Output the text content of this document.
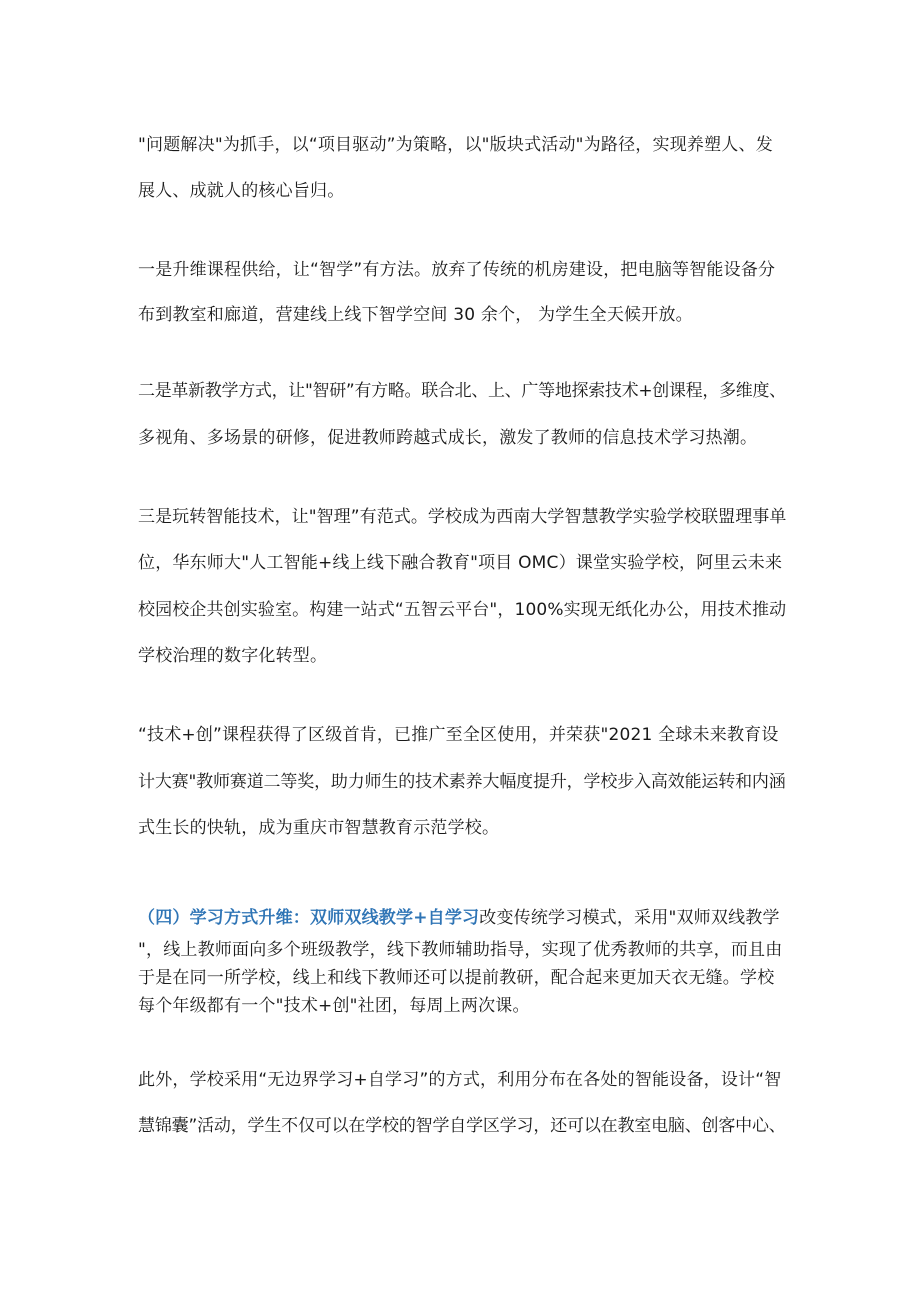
"问题解决"为抓手，以“项目驱动”为策略，以"版块式活动"为路径，实现养塑人、发
展人、成就人的核心旨归。
一是升维课程供给，让“智学”有方法。放弃了传统的机房建设，把电脑等智能设备分
布到教室和廊道，营建线上线下智学空间 30 余个， 为学生全天候开放。
二是革新教学方式，让"智研”有方略。联合北、上、广等地探索技术+创课程，多维度、
多视角、多场景的研修，促进教师跨越式成长，激发了教师的信息技术学习热潮。
三是玩转智能技术，让"智理”有范式。学校成为西南大学智慧教学实验学校联盟理事单
位，华东师大"人工智能+线上线下融合教育"项目 OMC）课堂实验学校，阿里云未来
校园校企共创实验室。构建一站式“五智云平台"，100%实现无纸化办公，用技术推动
学校治理的数字化转型。
“技术+创”课程获得了区级首肯，已推广至全区使用，并荣获"2021 全球未来教育设
计大赛"教师赛道二等奖，助力师生的技术素养大幅度提升，学校步入高效能运转和内涵
式生长的快轨，成为重庆市智慧教育示范学校。
（四）学习方式升维：双师双线教学+自学习改变传统学习模式，采用"双师双线教学
"，线上教师面向多个班级教学，线下教师辅助指导，实现了优秀教师的共享，而且由
于是在同一所学校，线上和线下教师还可以提前教研，配合起来更加天衣无缝。学校
每个年级都有一个"技术+创"社团，每周上两次课。
此外，学校采用“无边界学习+自学习”的方式，利用分布在各处的智能设备，设计“智
慧锦囊”活动，学生不仅可以在学校的智学自学区学习，还可以在教室电脑、创客中心、
